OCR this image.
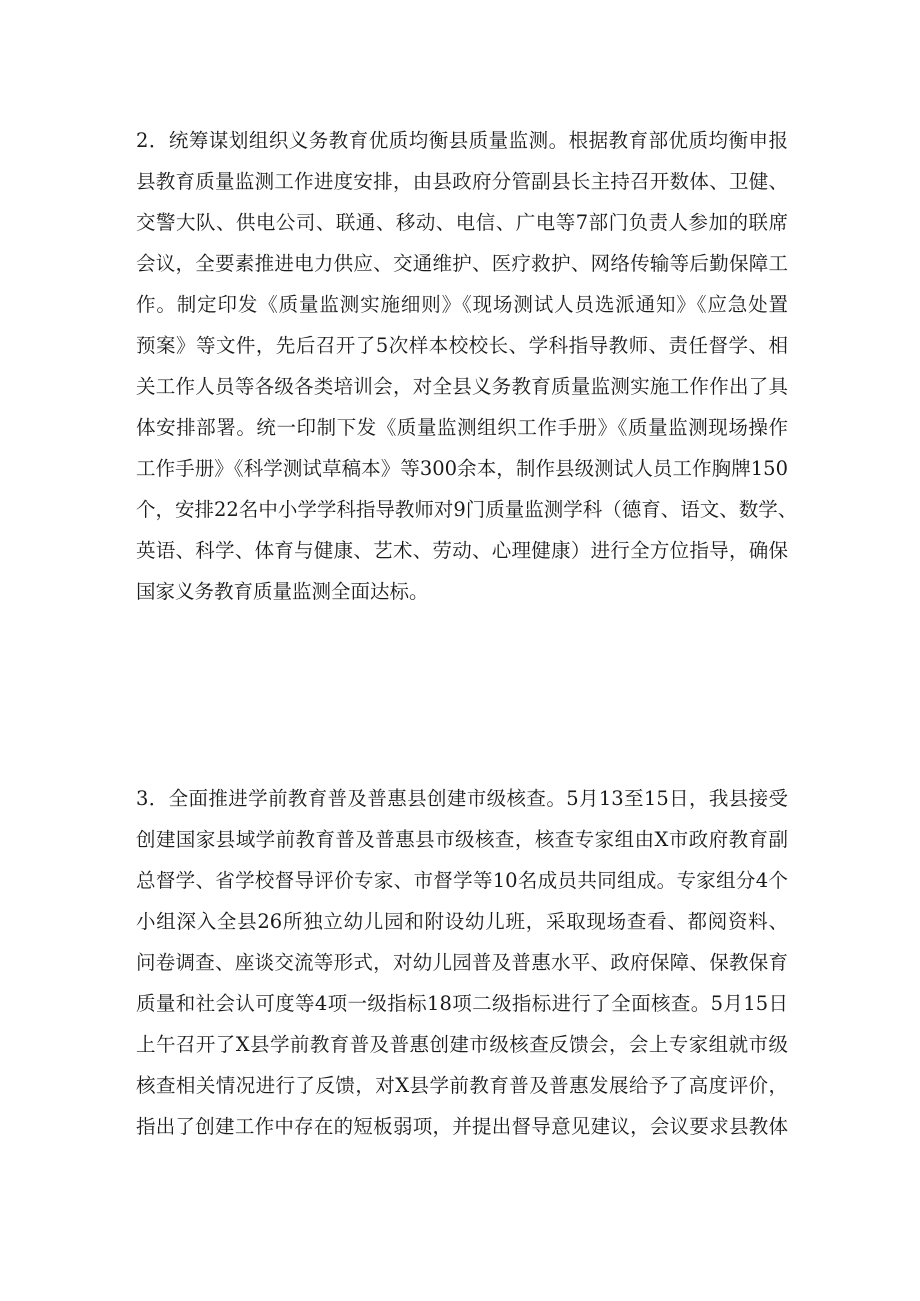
2．统筹谋划组织义务教育优质均衡县质量监测。根据教育部优质均衡申报
县教育质量监测工作进度安排，由县政府分管副县长主持召开数体、卫健、
交警大队、供电公司、联通、移动、电信、广电等7部门负责人参加的联席
会议，全要素推进电力供应、交通维护、医疗救护、网络传输等后勤保障工
作。制定印发《质量监测实施细则》《现场测试人员选派通知》《应急处置
预案》等文件，先后召开了5次样本校校长、学科指导教师、责任督学、相
关工作人员等各级各类培训会，对全县义务教育质量监测实施工作作出了具
体安排部署。统一印制下发《质量监测组织工作手册》《质量监测现场操作
工作手册》《科学测试草稿本》等300余本，制作县级测试人员工作胸牌150
个，安排22名中小学学科指导教师对9门质量监测学科（德育、语文、数学、
英语、科学、体育与健康、艺术、劳动、心理健康）进行全方位指导，确保
国家义务教育质量监测全面达标。

3．全面推进学前教育普及普惠县创建市级核查。5月13至15日，我县接受
创建国家县域学前教育普及普惠县市级核查，核查专家组由X市政府教育副
总督学、省学校督导评价专家、市督学等10名成员共同组成。专家组分4个
小组深入全县26所独立幼儿园和附设幼儿班，采取现场查看、都阅资料、
问卷调查、座谈交流等形式，对幼儿园普及普惠水平、政府保障、保教保育
质量和社会认可度等4项一级指标18项二级指标进行了全面核查。5月15日
上午召开了X县学前教育普及普惠创建市级核查反馈会，会上专家组就市级
核查相关情况进行了反馈，对X县学前教育普及普惠发展给予了高度评价，
指出了创建工作中存在的短板弱项，并提出督导意见建议，会议要求县教体
